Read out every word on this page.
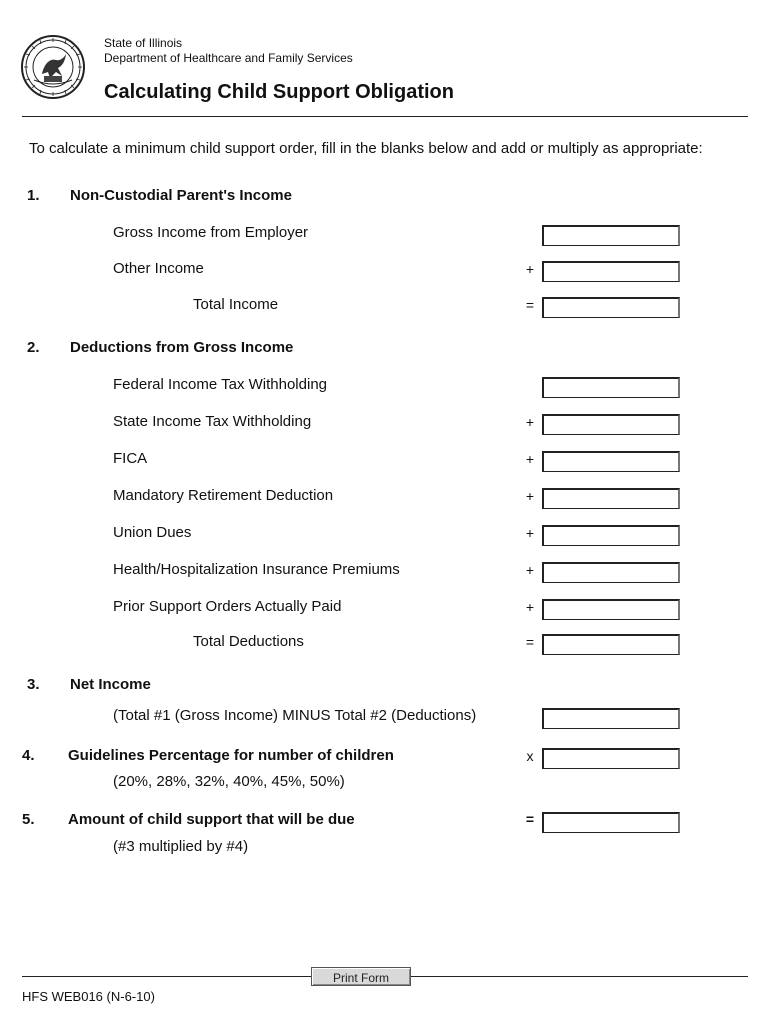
State of Illinois
Department of Healthcare and Family Services
Calculating Child Support Obligation
To calculate a minimum child support order, fill in the blanks below and add or multiply as appropriate:
1. Non-Custodial Parent's Income
Gross Income from Employer
Other Income	+
Total Income	=
2. Deductions from Gross Income
Federal Income Tax Withholding
State Income Tax Withholding	+
FICA	+
Mandatory Retirement Deduction	+
Union Dues	+
Health/Hospitalization Insurance Premiums	+
Prior Support Orders Actually Paid	+
Total Deductions	=
3. Net Income
(Total #1 (Gross Income) MINUS Total #2 (Deductions)
4. Guidelines Percentage for number of children	x
(20%, 28%, 32%, 40%, 45%, 50%)
5. Amount of child support that will be due	=
(#3 multiplied by #4)
Print Form
HFS WEB016 (N-6-10)
